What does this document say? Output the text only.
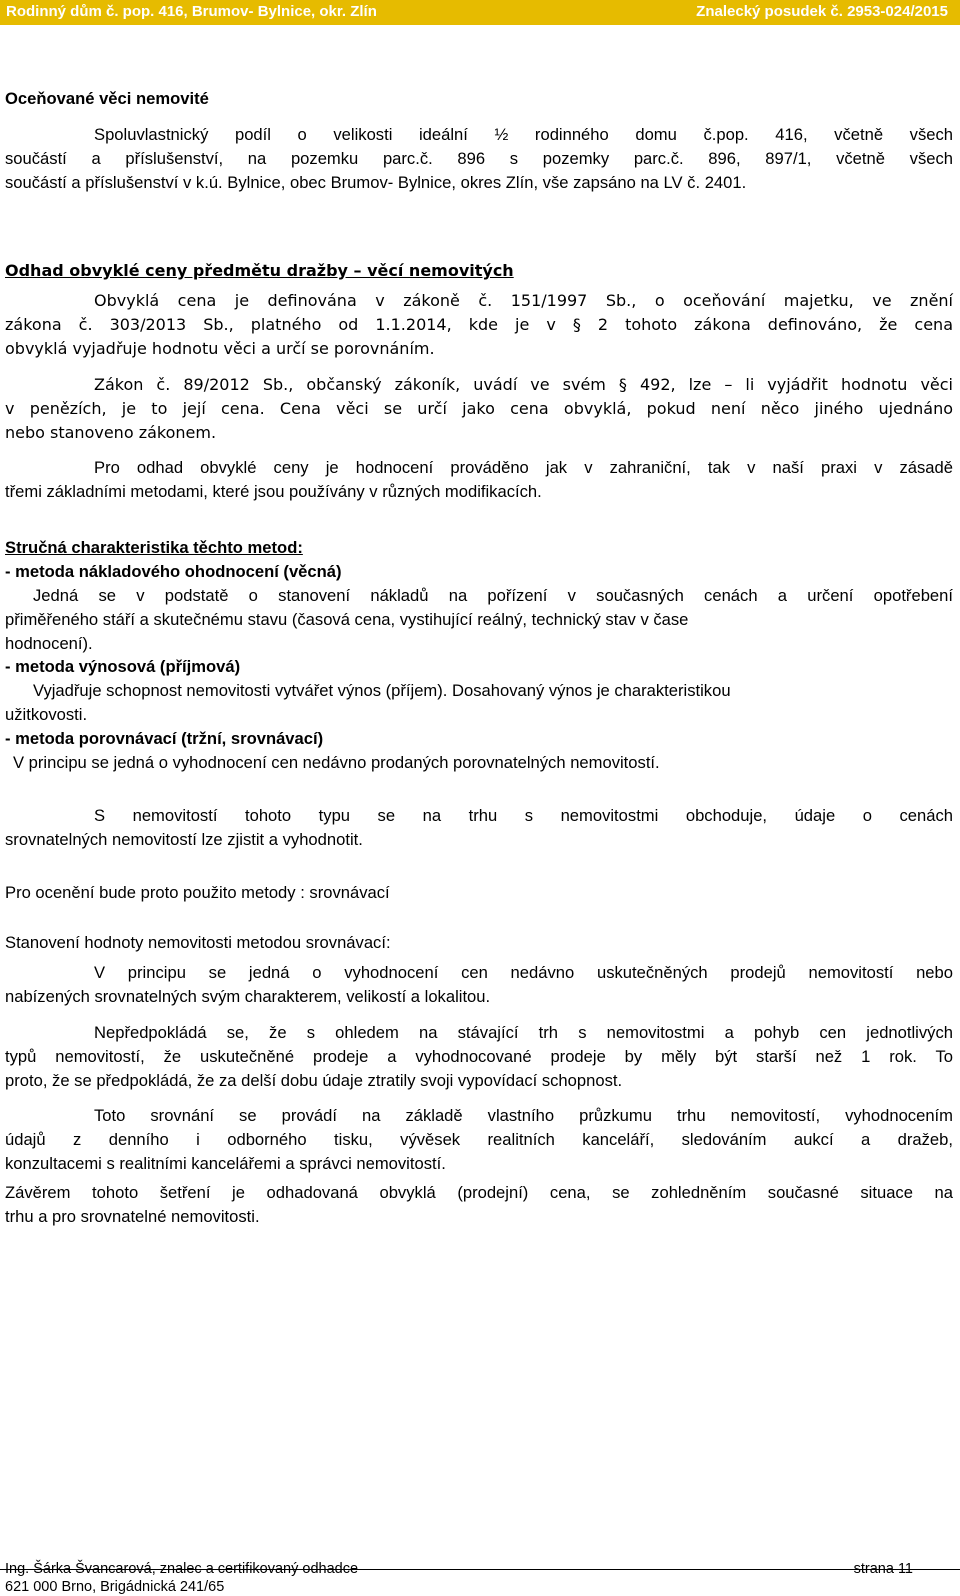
Rodinný dům č. pop. 416, Brumov- Bylnice, okr. Zlín	Znalecký posudek č. 2953-024/2015
Oceňované věci nemovité
Spoluvlastnický podíl o velikosti ideální ½ rodinného domu č.pop. 416, včetně všech
součástí a příslušenství, na pozemku parc.č. 896 s pozemky parc.č. 896, 897/1, včetně všech
součástí a příslušenství v k.ú. Bylnice, obec Brumov- Bylnice, okres Zlín, vše zapsáno na LV č. 2401.
Odhad obvyklé ceny předmětu dražby – věcí nemovitých
Obvyklá cena je definována v zákoně č. 151/1997 Sb., o oceňování majetku, ve znění
zákona č. 303/2013 Sb., platného od 1.1.2014, kde je v § 2 tohoto zákona definováno, že cena
obvyklá vyjadřuje hodnotu věci a určí se porovnáním.
Zákon č. 89/2012 Sb., občanský zákoník, uvádí ve svém § 492, lze – li vyjádřit hodnotu věci
v penězích, je to její cena. Cena věci se určí jako cena obvyklá, pokud není něco jiného ujednáno
nebo stanoveno zákonem.
Pro odhad obvyklé ceny je hodnocení prováděno jak v zahraniční, tak v naší praxi v zásadě
třemi základními metodami, které jsou používány v různých modifikacích.
Stručná charakteristika těchto metod:
- metoda nákladového ohodnocení (věcná)
Jedná se v podstatě o stanovení nákladů na pořízení v současných cenách a určení opotřebení
přiměřeného stáří a skutečnému stavu (časová cena, vystihující reálný, technický stav v čase
hodnocení).
- metoda výnosová (příjmová)
Vyjadřuje schopnost nemovitosti vytvářet výnos (příjem). Dosahovaný výnos je charakteristikou
užitkovosti.
- metoda porovnávací (tržní, srovnávací)
V principu se jedná o vyhodnocení cen nedávno prodaných porovnatelných nemovitostí.
S nemovitostí tohoto typu se na trhu s nemovitostmi obchoduje, údaje o cenách
srovnatelných nemovitostí lze zjistit a vyhodnotit.
Pro ocenění bude proto použito metody : srovnávací
Stanovení hodnoty nemovitosti metodou srovnávací:
V principu se jedná o vyhodnocení cen nedávno uskutečněných prodejů nemovitostí nebo
nabízených srovnatelných svým charakterem, velikostí a lokalitou.
Nepředpokládá se, že s ohledem na stávající trh s nemovitostmi a pohyb cen jednotlivých
typů nemovitostí, že uskutečněné prodeje a vyhodnocované prodeje by měly být starší než 1 rok. To
proto, že se předpokládá, že za delší dobu údaje ztratily svoji vypovídací schopnost.
Toto srovnání se provádí na základě vlastního průzkumu trhu nemovitostí, vyhodnocením
údajů z denního i odborného tisku, vývěsek realitních kanceláří, sledováním aukcí a dražeb,
konzultacemi s realitními kancelářemi a správci nemovitostí.
Závěrem tohoto šetření je odhadovaná obvyklá (prodejní) cena, se zohledněním současné situace na
trhu a pro srovnatelné nemovitosti.
Ing. Šárka Švancarová, znalec a certifikovaný odhadce	strana 11
621 000 Brno, Brigádnická 241/65
